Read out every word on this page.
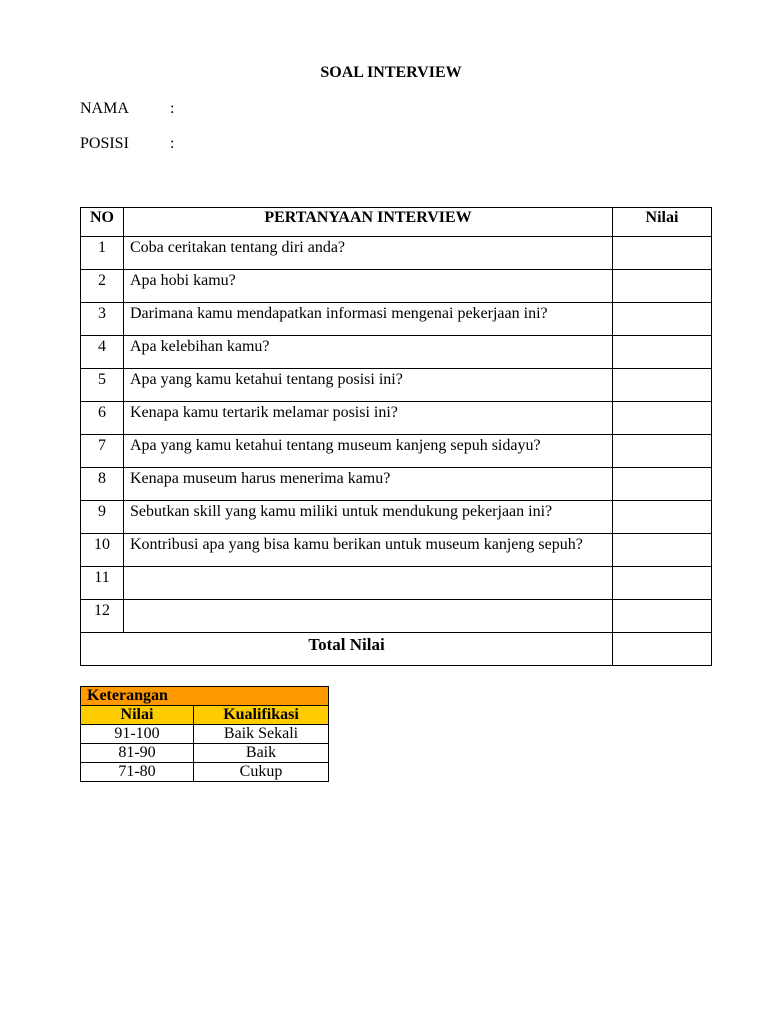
SOAL INTERVIEW
NAMA	:
POSISI	:
NO	PERTANYAAN INTERVIEW	Nilai
1	Coba ceritakan tentang diri anda?	
2	Apa hobi kamu?	
3	Darimana kamu mendapatkan informasi mengenai pekerjaan ini?	
4	Apa kelebihan kamu?	
5	Apa yang kamu ketahui tentang posisi ini?	
6	Kenapa kamu tertarik melamar posisi ini?	
7	Apa yang kamu ketahui tentang museum kanjeng sepuh sidayu?	
8	Kenapa museum harus menerima kamu?	
9	Sebutkan skill yang kamu miliki untuk mendukung pekerjaan ini?	
10	Kontribusi apa yang bisa kamu berikan untuk museum kanjeng sepuh?	
11		
12		
Total Nilai		
Keterangan	
Nilai	Kualifikasi
91-100	Baik Sekali
81-90	Baik
71-80	Cukup
